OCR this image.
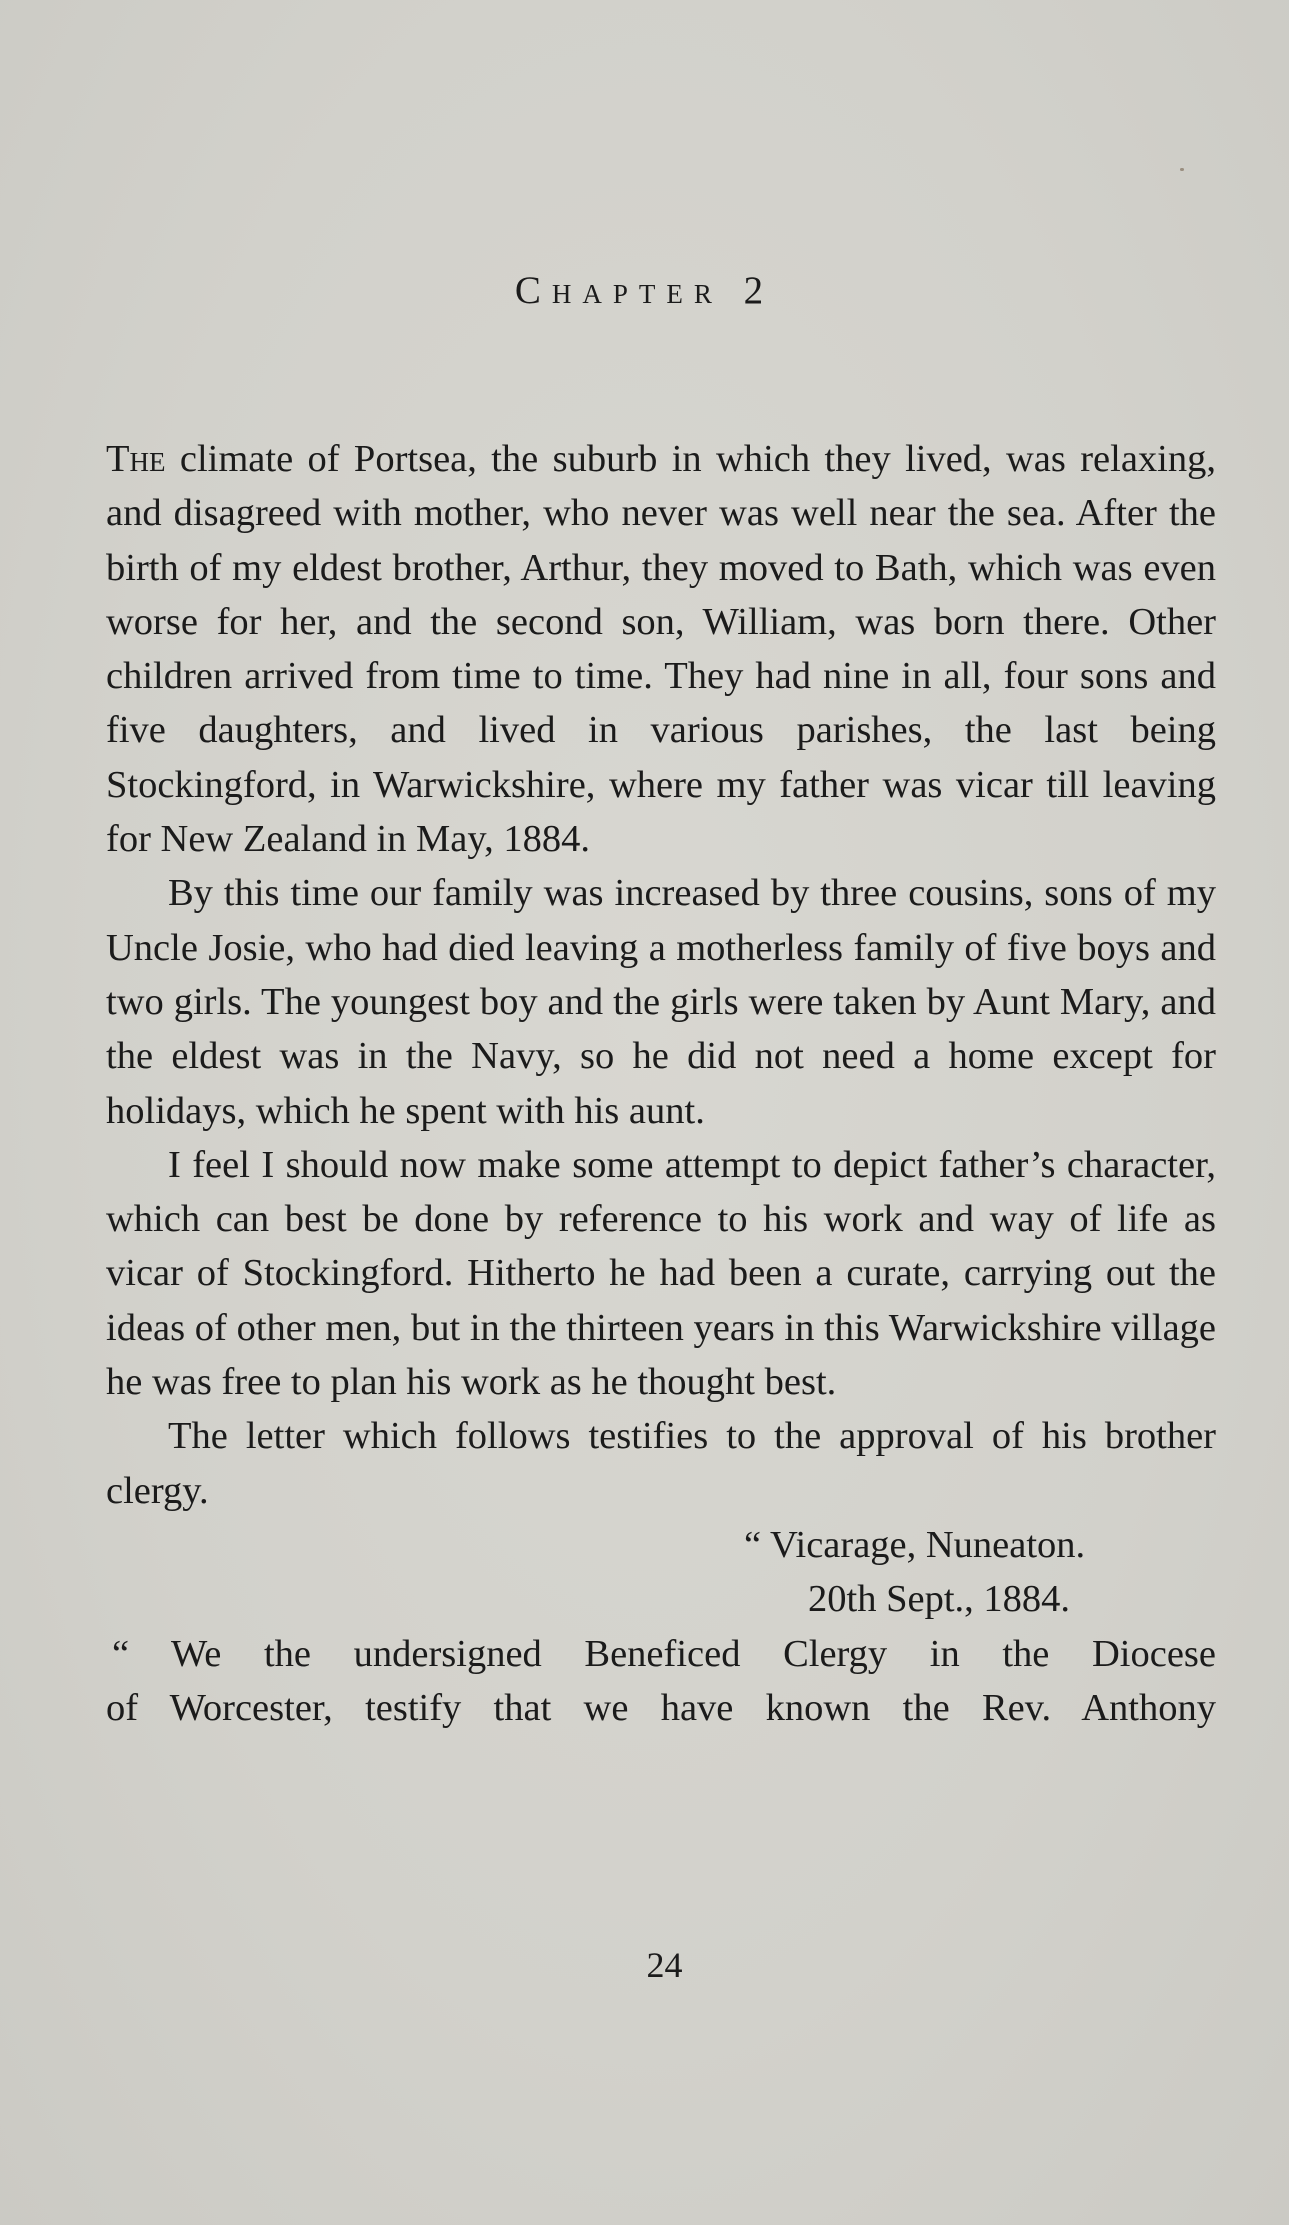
Chapter 2

The climate of Portsea, the suburb in which they lived, was relaxing, and disagreed with mother, who never was well near the sea. After the birth of my eldest brother, Arthur, they moved to Bath, which was even worse for her, and the second son, William, was born there. Other children arrived from time to time. They had nine in all, four sons and five daughters, and lived in various parishes, the last being Stockingford, in Warwickshire, where my father was vicar till leaving for New Zealand in May, 1884.

By this time our family was increased by three cousins, sons of my Uncle Josie, who had died leaving a motherless family of five boys and two girls. The youngest boy and the girls were taken by Aunt Mary, and the eldest was in the Navy, so he did not need a home except for holidays, which he spent with his aunt.

I feel I should now make some attempt to depict father’s character, which can best be done by reference to his work and way of life as vicar of Stockingford. Hitherto he had been a curate, carrying out the ideas of other men, but in the thirteen years in this Warwickshire village he was free to plan his work as he thought best.

The letter which follows testifies to the approval of his brother clergy.

“ Vicarage, Nuneaton.
20th Sept., 1884.
“ We the undersigned Beneficed Clergy in the Diocese
of Worcester, testify that we have known the Rev. Anthony
24
